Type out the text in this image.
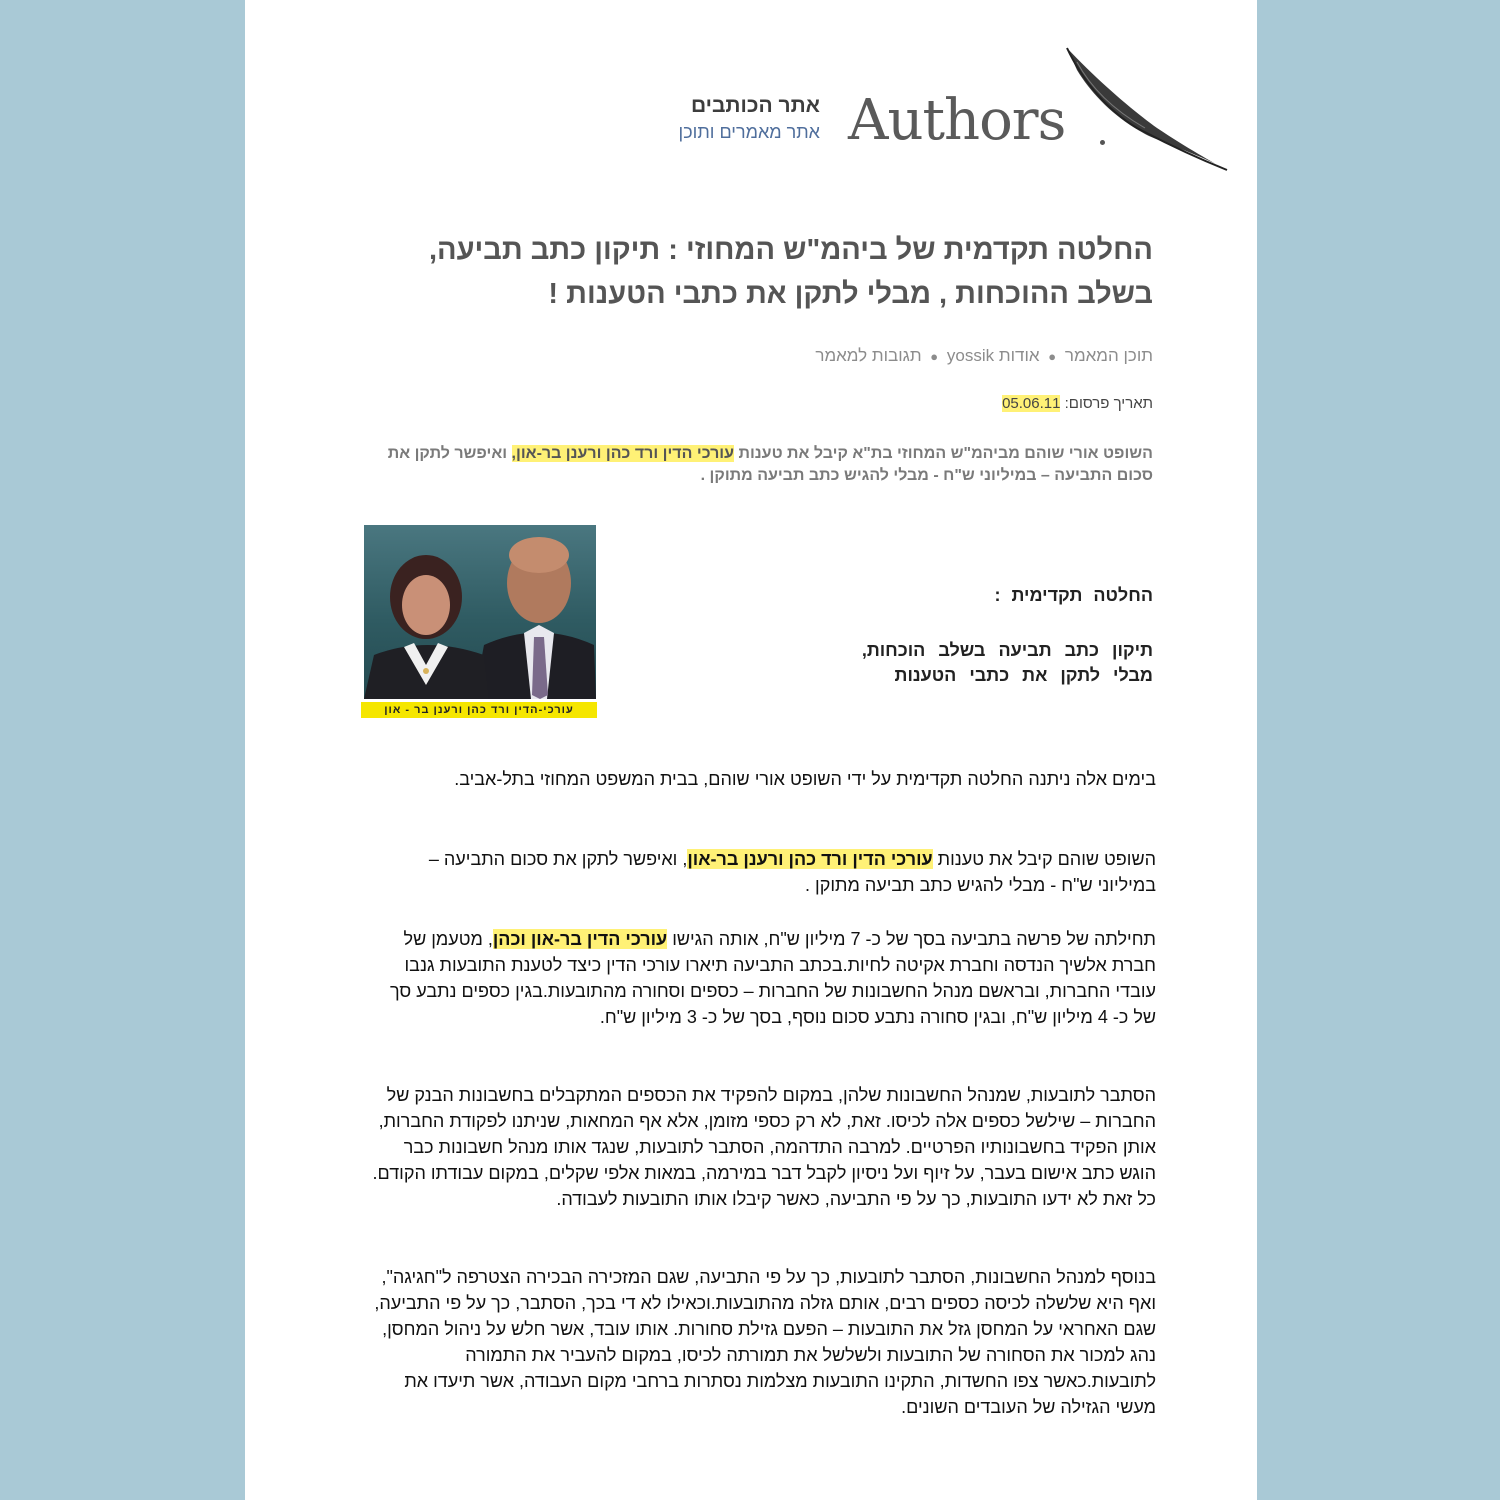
אתר הכותבים
אתר מאמרים ותוכן Authors
החלטה תקדמית של ביהמ"ש המחוזי : תיקון כתב תביעה, בשלב ההוכחות , מבלי לתקן את כתבי הטענות !
תוכן המאמר ● אודות yossik ● תגובות למאמר
תאריך פרסום: 05.06.11
השופט אורי שוהם מביהמ"ש המחוזי בת"א קיבל את טענות עורכי הדין ורד כהן ורענן בר-און, ואיפשר לתקן את סכום התביעה – במיליוני ש"ח - מבלי להגיש כתב תביעה מתוקן .
עורכי-הדין ורד כהן ורענן בר - און
החלטה תקדימית :
תיקון כתב תביעה בשלב הוכחות,
מבלי לתקן את כתבי הטענות
בימים אלה ניתנה החלטה תקדימית על ידי השופט אורי שוהם, בבית המשפט המחוזי בתל-אביב.
השופט שוהם קיבל את טענות עורכי הדין ורד כהן ורענן בר-און, ואיפשר לתקן את סכום התביעה – במיליוני ש"ח - מבלי להגיש כתב תביעה מתוקן .
תחילתה של פרשה בתביעה בסך של כ- 7 מיליון ש"ח, אותה הגישו עורכי הדין בר-און וכהן, מטעמן של חברת אלשיך הנדסה וחברת אקיטה לחיות.בכתב התביעה תיארו עורכי הדין כיצד לטענת התובעות גנבו עובדי החברות, ובראשם מנהל החשבונות של החברות – כספים וסחורה מהתובעות.בגין כספים נתבע סך של כ- 4 מיליון ש"ח, ובגין סחורה נתבע סכום נוסף, בסך של כ- 3 מיליון ש"ח.
הסתבר לתובעות, שמנהל החשבונות שלהן, במקום להפקיד את הכספים המתקבלים בחשבונות הבנק של החברות – שילשל כספים אלה לכיסו. זאת, לא רק כספי מזומן, אלא אף המחאות, שניתנו לפקודת החברות, אותן הפקיד בחשבונותיו הפרטיים. למרבה התדהמה, הסתבר לתובעות, שנגד אותו מנהל חשבונות כבר הוגש כתב אישום בעבר, על זיוף ועל ניסיון לקבל דבר במירמה, במאות אלפי שקלים, במקום עבודתו הקודם. כל זאת לא ידעו התובעות, כך על פי התביעה, כאשר קיבלו אותו התובעות לעבודה.
בנוסף למנהל החשבונות, הסתבר לתובעות, כך על פי התביעה, שגם המזכירה הבכירה הצטרפה ל"חגיגה", ואף היא שלשלה לכיסה כספים רבים, אותם גזלה מהתובעות.וכאילו לא די בכך, הסתבר, כך על פי התביעה, שגם האחראי על המחסן גזל את התובעות – הפעם גזילת סחורות. אותו עובד, אשר חלש על ניהול המחסן, נהג למכור את הסחורה של התובעות ולשלשל את תמורתה לכיסו, במקום להעביר את התמורה לתובעות.כאשר צפו החשדות, התקינו התובעות מצלמות נסתרות ברחבי מקום העבודה, אשר תיעדו את מעשי הגזילה של העובדים השונים.
